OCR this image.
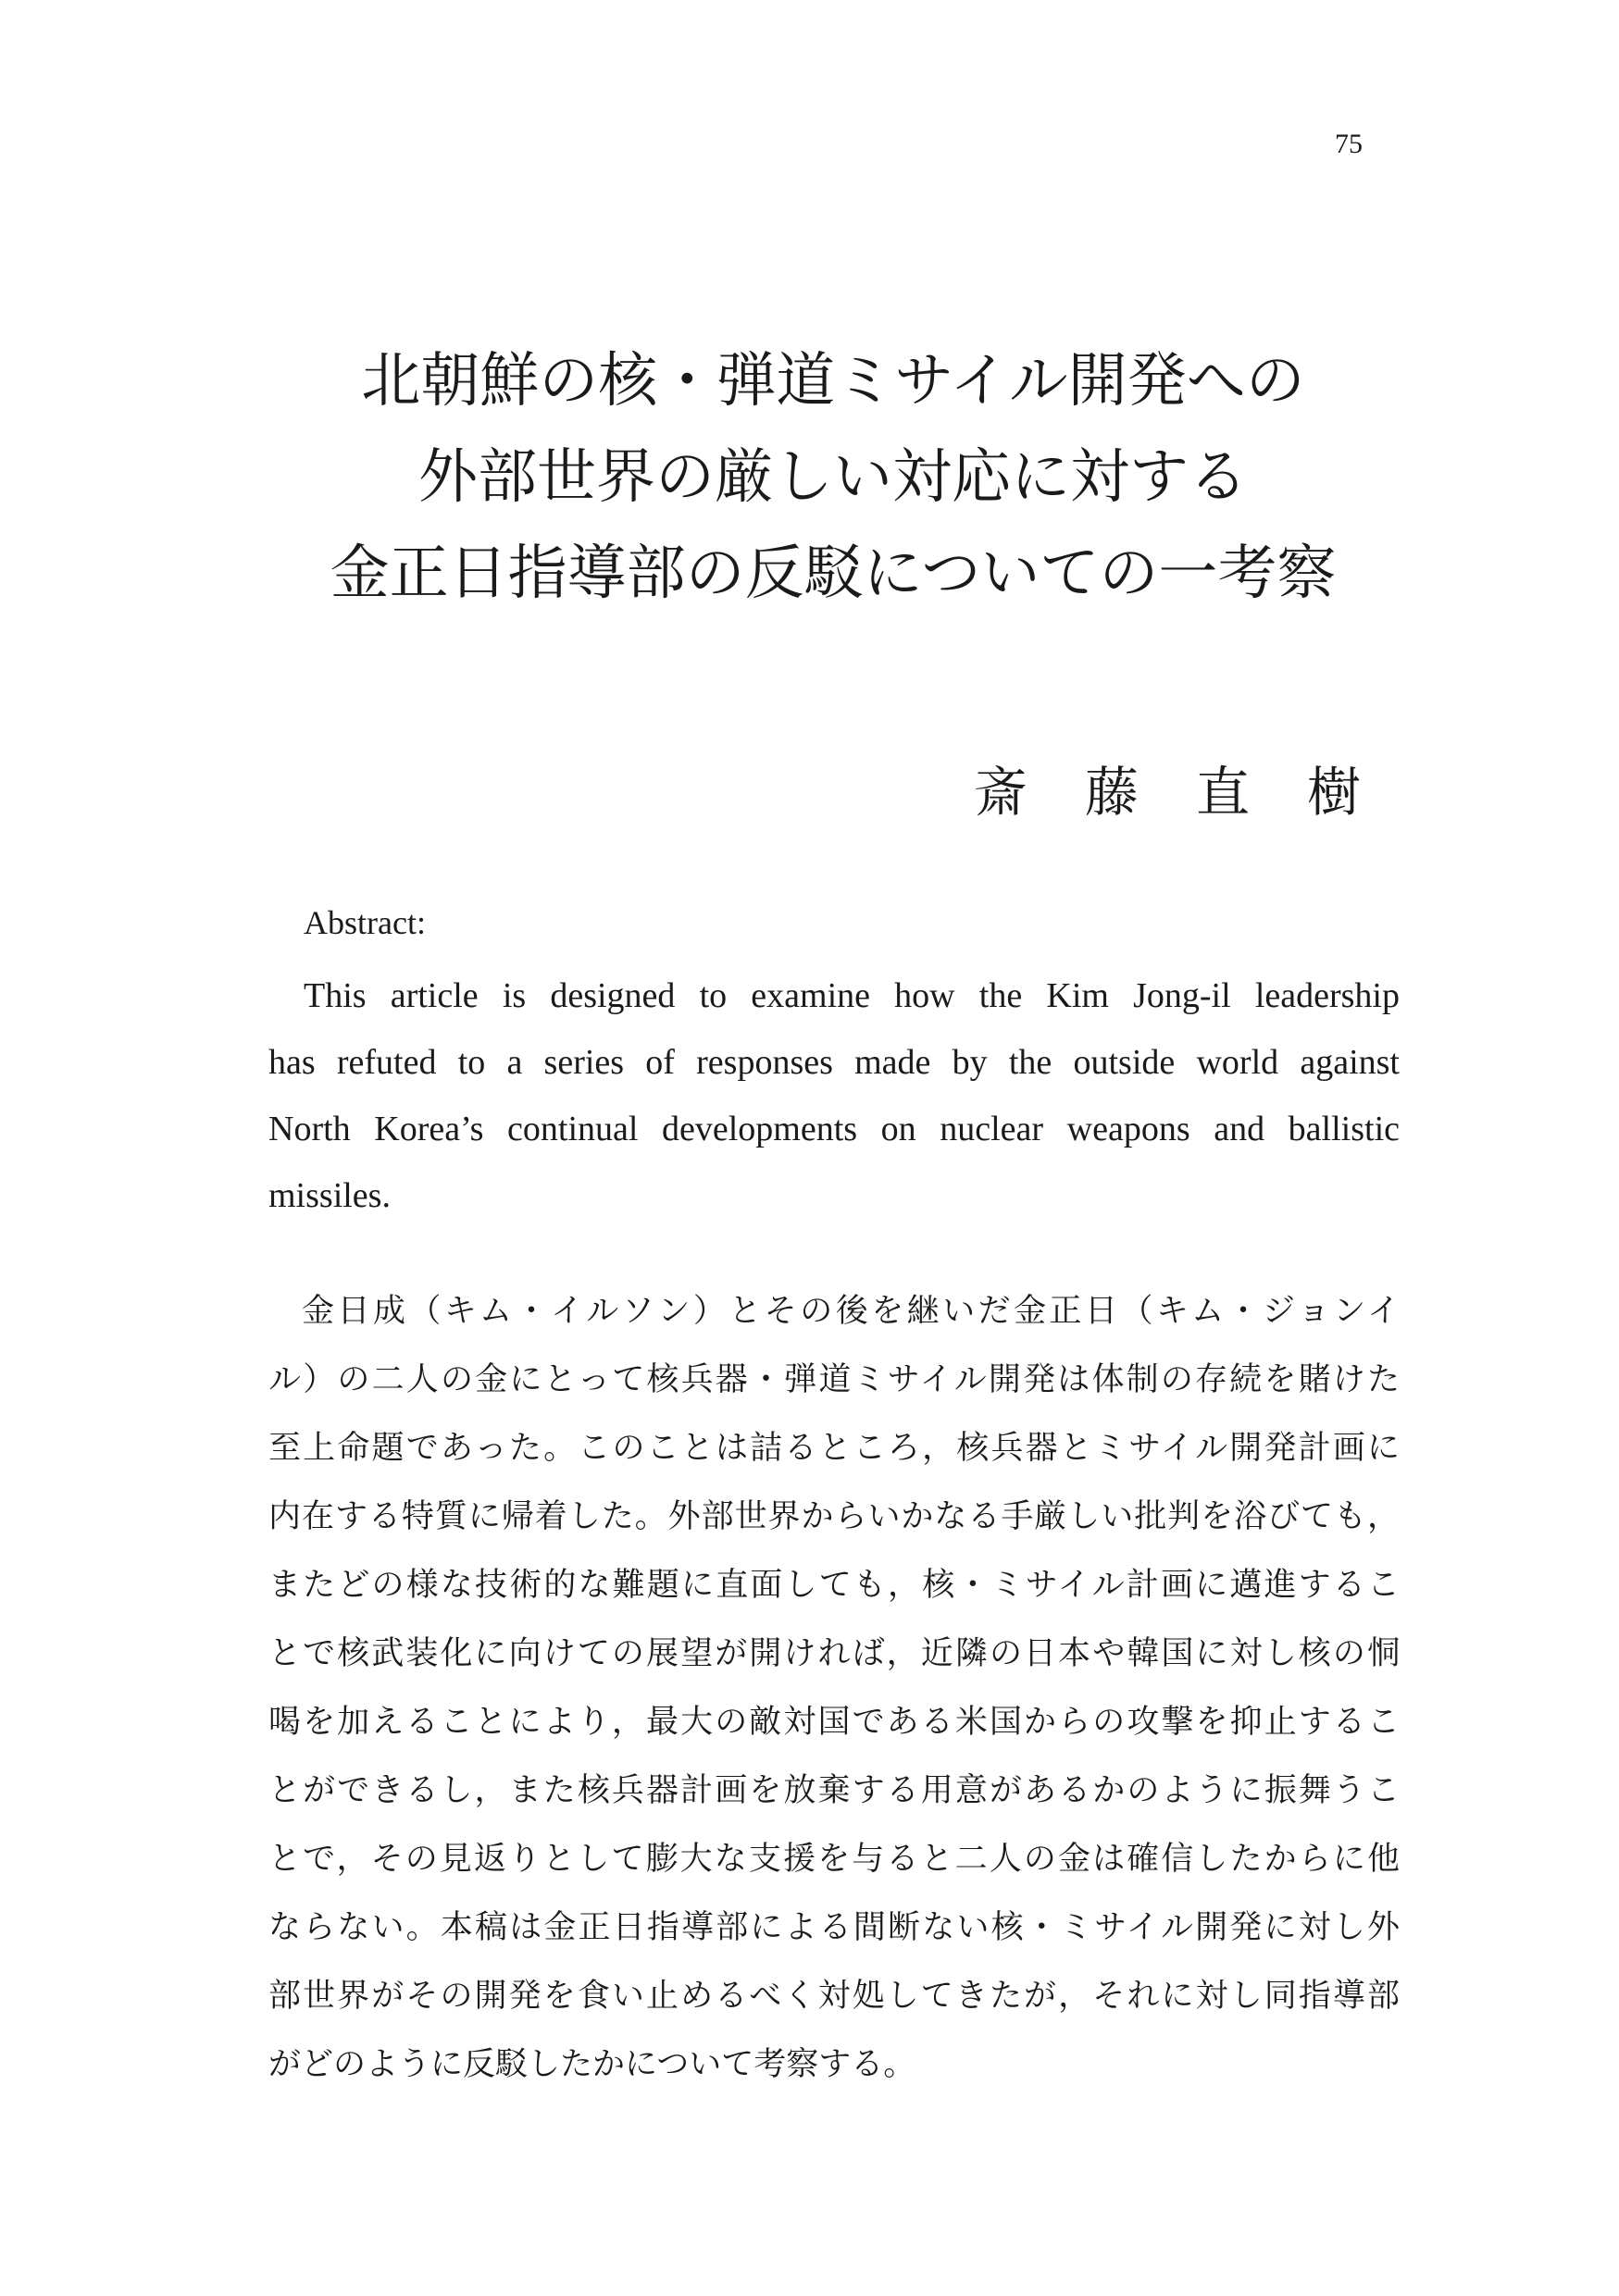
75
北朝鮮の核・弾道ミサイル開発への
外部世界の厳しい対応に対する
金正日指導部の反駁についての一考察
斎藤直樹
Abstract:
This article is designed to examine how the Kim Jong-il leadership
has refuted to a series of responses made by the outside world against
North Korea’s continual developments on nuclear weapons and ballistic
missiles.
金日成（キム・イルソン）とその後を継いだ金正日（キム・ジョンイ
ル）の二人の金にとって核兵器・弾道ミサイル開発は体制の存続を賭けた
至上命題であった。このことは詰るところ，核兵器とミサイル開発計画に
内在する特質に帰着した。外部世界からいかなる手厳しい批判を浴びても，
またどの様な技術的な難題に直面しても，核・ミサイル計画に邁進するこ
とで核武装化に向けての展望が開ければ，近隣の日本や韓国に対し核の恫
喝を加えることにより，最大の敵対国である米国からの攻撃を抑止するこ
とができるし，また核兵器計画を放棄する用意があるかのように振舞うこ
とで，その見返りとして膨大な支援を与ると二人の金は確信したからに他
ならない。本稿は金正日指導部による間断ない核・ミサイル開発に対し外
部世界がその開発を食い止めるべく対処してきたが，それに対し同指導部
がどのように反駁したかについて考察する。
